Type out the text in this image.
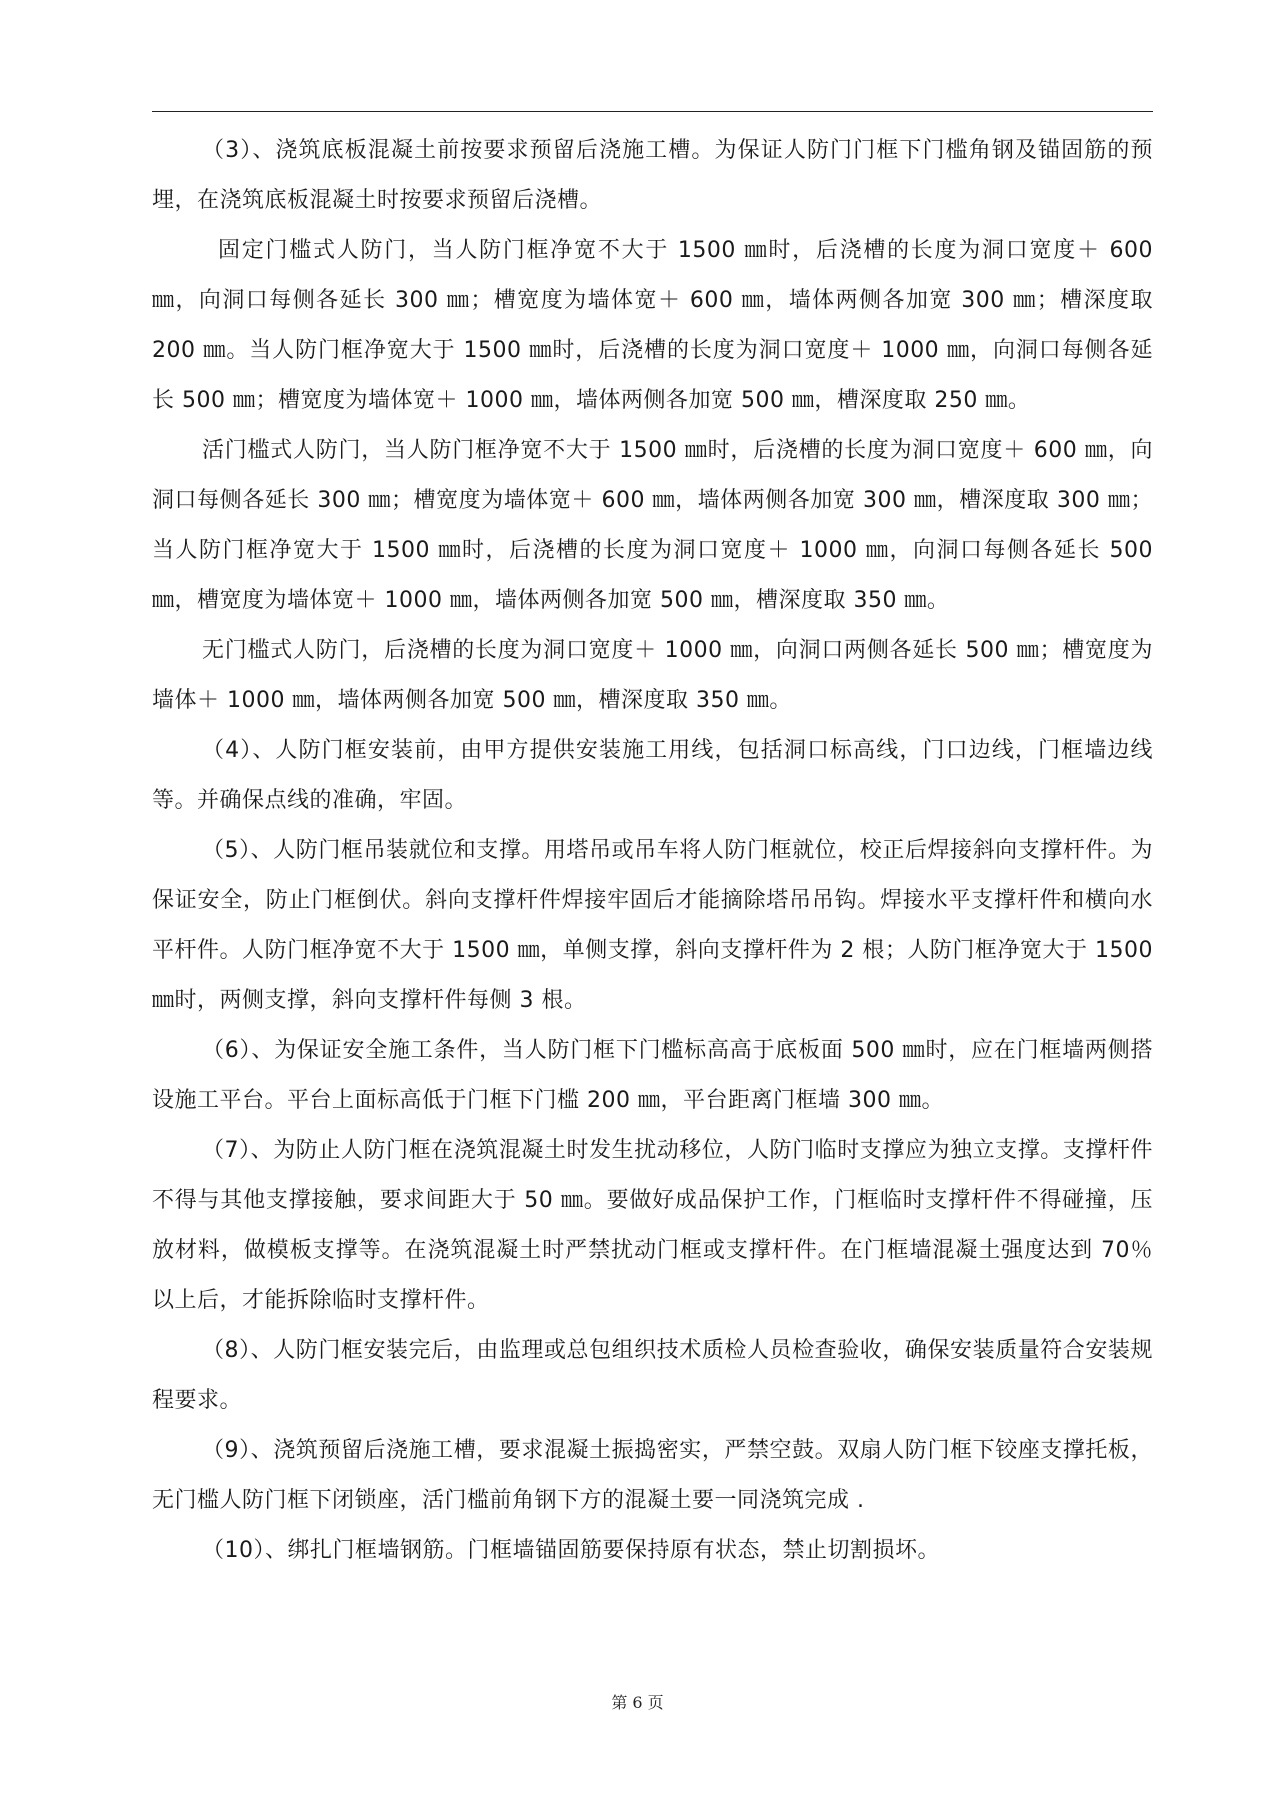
（3）、浇筑底板混凝土前按要求预留后浇施工槽。为保证人防门门框下门槛角钢及锚固筋的预埋，在浇筑底板混凝土时按要求预留后浇槽。

固定门槛式人防门，当人防门框净宽不大于 1500 ㎜时，后浇槽的长度为洞口宽度＋ 600 ㎜，向洞口每侧各延长 300 ㎜；槽宽度为墙体宽＋ 600 ㎜，墙体两侧各加宽 300 ㎜；槽深度取 200 ㎜。当人防门框净宽大于 1500 ㎜时，后浇槽的长度为洞口宽度＋ 1000 ㎜，向洞口每侧各延长 500 ㎜；槽宽度为墙体宽＋ 1000 ㎜，墙体两侧各加宽 500 ㎜，槽深度取 250 ㎜。

活门槛式人防门，当人防门框净宽不大于 1500 ㎜时，后浇槽的长度为洞口宽度＋ 600 ㎜，向洞口每侧各延长 300 ㎜；槽宽度为墙体宽＋ 600 ㎜，墙体两侧各加宽 300 ㎜，槽深度取 300 ㎜；当人防门框净宽大于 1500 ㎜时，后浇槽的长度为洞口宽度＋ 1000 ㎜，向洞口每侧各延长 500 ㎜，槽宽度为墙体宽＋ 1000 ㎜，墙体两侧各加宽 500 ㎜，槽深度取 350 ㎜。

无门槛式人防门，后浇槽的长度为洞口宽度＋ 1000 ㎜，向洞口两侧各延长 500 ㎜；槽宽度为墙体＋ 1000 ㎜，墙体两侧各加宽 500 ㎜，槽深度取 350 ㎜。

（4）、人防门框安装前，由甲方提供安装施工用线，包括洞口标高线，门口边线，门框墙边线等。并确保点线的准确，牢固。

（5）、人防门框吊装就位和支撑。用塔吊或吊车将人防门框就位，校正后焊接斜向支撑杆件。为保证安全，防止门框倒伏。斜向支撑杆件焊接牢固后才能摘除塔吊吊钩。焊接水平支撑杆件和横向水平杆件。人防门框净宽不大于 1500 ㎜，单侧支撑，斜向支撑杆件为 2 根；人防门框净宽大于 1500 ㎜时，两侧支撑，斜向支撑杆件每侧 3 根。

（6）、为保证安全施工条件，当人防门框下门槛标高高于底板面 500 ㎜时，应在门框墙两侧搭设施工平台。平台上面标高低于门框下门槛 200 ㎜，平台距离门框墙 300 ㎜。

（7）、为防止人防门框在浇筑混凝土时发生扰动移位，人防门临时支撑应为独立支撑。支撑杆件不得与其他支撑接触，要求间距大于 50 ㎜。要做好成品保护工作，门框临时支撑杆件不得碰撞，压放材料，做模板支撑等。在浇筑混凝土时严禁扰动门框或支撑杆件。在门框墙混凝土强度达到 70％以上后，才能拆除临时支撑杆件。

（8）、人防门框安装完后，由监理或总包组织技术质检人员检查验收，确保安装质量符合安装规程要求。

（9）、浇筑预留后浇施工槽，要求混凝土振捣密实，严禁空鼓。双扇人防门框下铰座支撑托板，无门槛人防门框下闭锁座，活门槛前角钢下方的混凝土要一同浇筑完成 .

（10）、绑扎门框墙钢筋。门框墙锚固筋要保持原有状态，禁止切割损坏。

第 6 页
